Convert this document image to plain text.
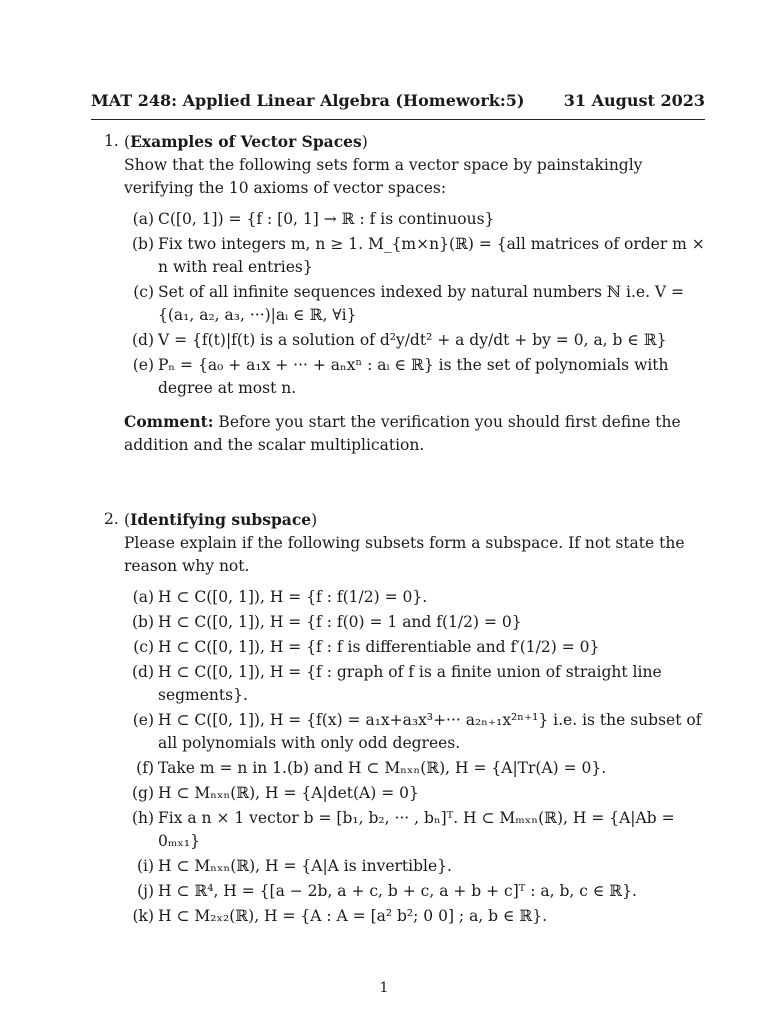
MAT 248: Applied Linear Algebra (Homework:5) 31 August 2023
1. (Examples of Vector Spaces)
Show that the following sets form a vector space by painstakingly verifying the 10 axioms of vector spaces:
(a) C([0, 1]) = {f : [0, 1] → ℝ : f is continuous}
(b) Fix two integers m, n ≥ 1. M_{m×n}(ℝ) = {all matrices of order m × n with real entries}
(c) Set of all infinite sequences indexed by natural numbers ℕ i.e. V = {(a₁, a₂, a₃, ···)|aᵢ ∈ ℝ, ∀i}
(d) V = {f(t)|f(t) is a solution of d²y/dt² + a dy/dt + by = 0, a, b ∈ ℝ}
(e) Pₙ = {a₀ + a₁x + ··· + aₙxⁿ : aᵢ ∈ ℝ} is the set of polynomials with degree at most n.
Comment: Before you start the verification you should first define the addition and the scalar multiplication.
2. (Identifying subspace)
Please explain if the following subsets form a subspace. If not state the reason why not.
(a) H ⊂ C([0, 1]), H = {f : f(1/2) = 0}.
(b) H ⊂ C([0, 1]), H = {f : f(0) = 1 and f(1/2) = 0}
(c) H ⊂ C([0, 1]), H = {f : f is differentiable and f′(1/2) = 0}
(d) H ⊂ C([0, 1]), H = {f : graph of f is a finite union of straight line segments}.
(e) H ⊂ C([0, 1]), H = {f(x) = a₁x+a₃x³+··· a₂ₙ₊₁x²ⁿ⁺¹} i.e. is the subset of all polynomials with only odd degrees.
(f) Take m = n in 1.(b) and H ⊂ Mₙₓₙ(ℝ), H = {A|Tr(A) = 0}.
(g) H ⊂ Mₙₓₙ(ℝ), H = {A|det(A) = 0}
(h) Fix a n × 1 vector b = [b₁, b₂, ··· , bₙ]ᵀ. H ⊂ Mₘₓₙ(ℝ), H = {A|Ab = 0ₘₓ₁}
(i) H ⊂ Mₙₓₙ(ℝ), H = {A|A is invertible}.
(j) H ⊂ ℝ⁴, H = {[a − 2b, a + c, b + c, a + b + c]ᵀ : a, b, c ∈ ℝ}.
(k) H ⊂ M₂ₓ₂(ℝ), H = {A : A = [a² b²; 0 0] ; a, b ∈ ℝ}.
1
